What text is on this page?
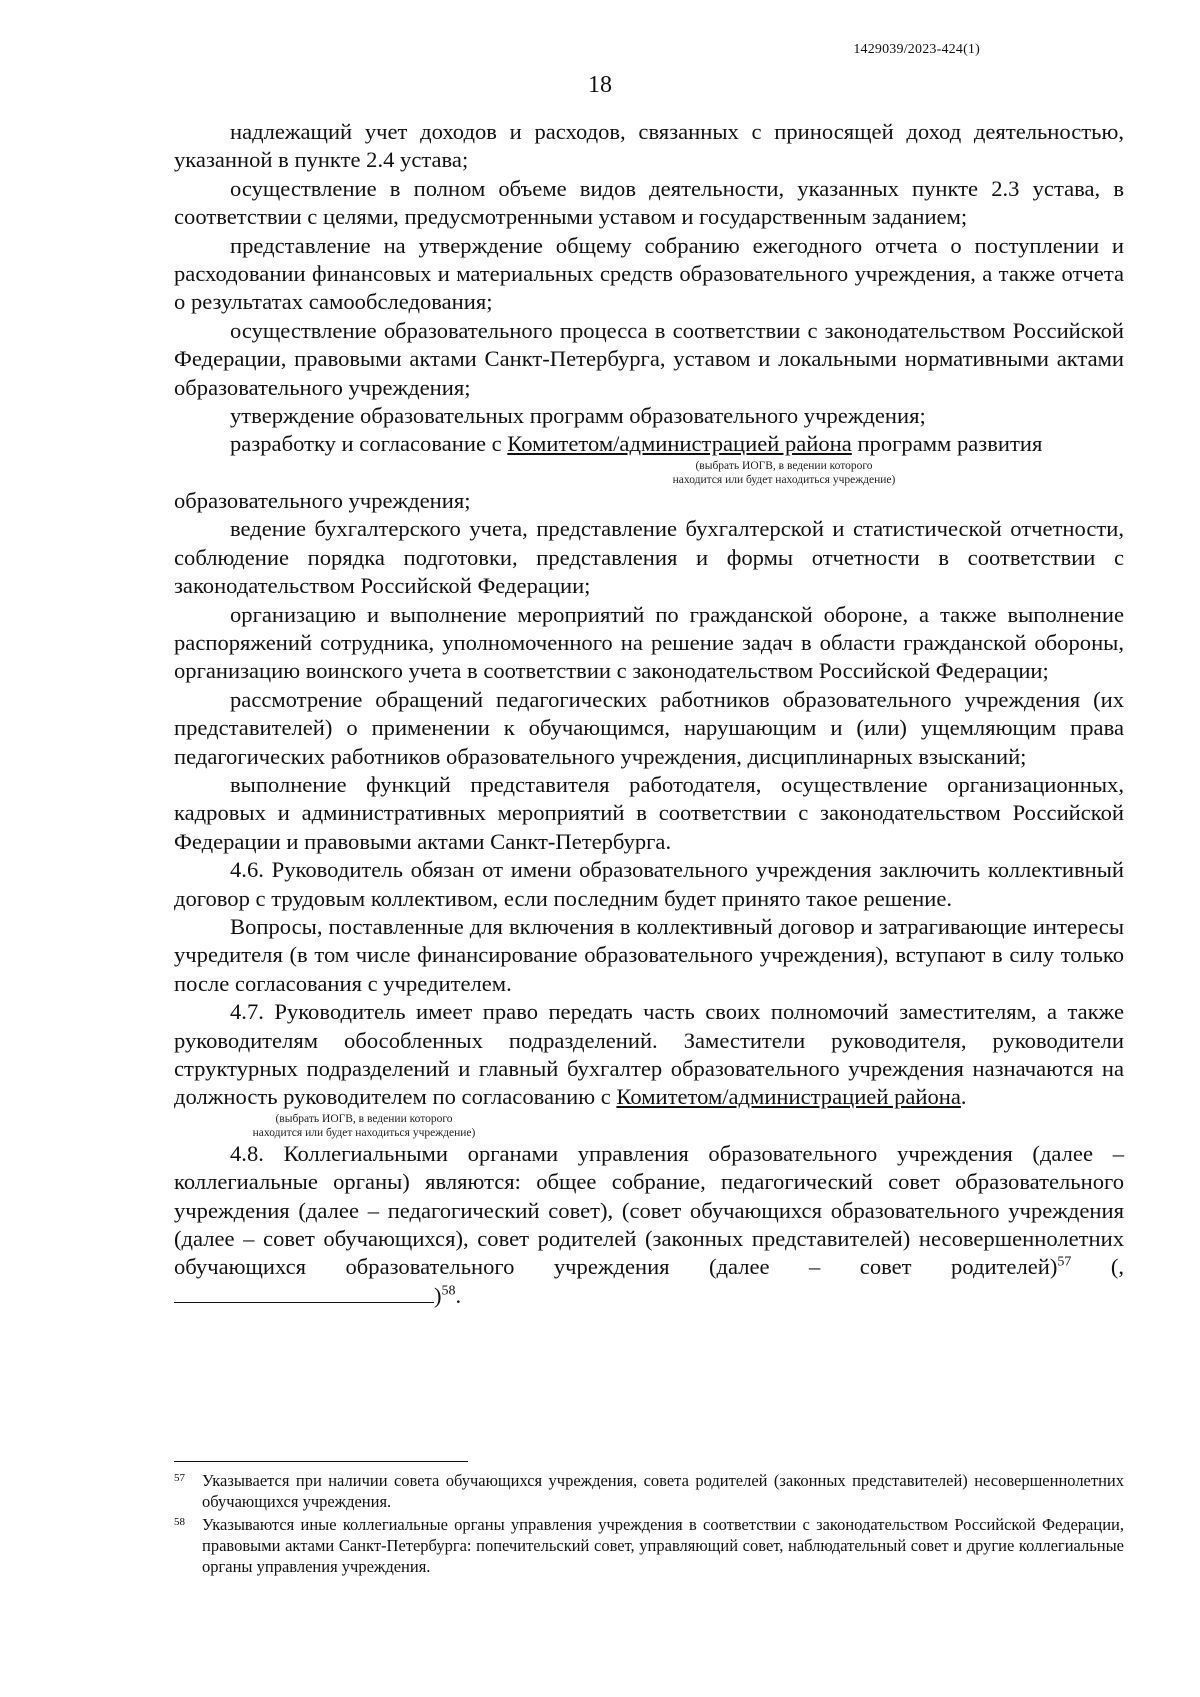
1429039/2023-424(1)
18

надлежащий учет доходов и расходов, связанных с приносящей доход деятельностью, указанной в пункте 2.4 устава;

осуществление в полном объеме видов деятельности, указанных пункте 2.3 устава, в соответствии с целями, предусмотренными уставом и государственным заданием;

представление на утверждение общему собранию ежегодного отчета о поступлении и расходовании финансовых и материальных средств образовательного учреждения, а также отчета о результатах самообследования;

осуществление образовательного процесса в соответствии с законодательством Российской Федерации, правовыми актами Санкт-Петербурга, уставом и локальными нормативными актами образовательного учреждения;

утверждение образовательных программ образовательного учреждения;

разработку и согласование с Комитетом/администрацией района программ развития

(выбрать ИОГВ, в ведении которого
находится или будет находиться учреждение)

образовательного учреждения;

ведение бухгалтерского учета, представление бухгалтерской и статистической отчетности, соблюдение порядка подготовки, представления и формы отчетности в соответствии с законодательством Российской Федерации;

организацию и выполнение мероприятий по гражданской обороне, а также выполнение распоряжений сотрудника, уполномоченного на решение задач в области гражданской обороны, организацию воинского учета в соответствии с законодательством Российской Федерации;

рассмотрение обращений педагогических работников образовательного учреждения (их представителей) о применении к обучающимся, нарушающим и (или) ущемляющим права педагогических работников образовательного учреждения, дисциплинарных взысканий;

выполнение функций представителя работодателя, осуществление организационных, кадровых и административных мероприятий в соответствии с законодательством Российской Федерации и правовыми актами Санкт-Петербурга.

4.6. Руководитель обязан от имени образовательного учреждения заключить коллективный договор с трудовым коллективом, если последним будет принято такое решение.

Вопросы, поставленные для включения в коллективный договор и затрагивающие интересы учредителя (в том числе финансирование образовательного учреждения), вступают в силу только после согласования с учредителем.

4.7. Руководитель имеет право передать часть своих полномочий заместителям, а также руководителям обособленных подразделений. Заместители руководителя, руководители структурных подразделений и главный бухгалтер образовательного учреждения назначаются на должность руководителем по согласованию с Комитетом/администрацией района.

(выбрать ИОГВ, в ведении которого
находится или будет находиться учреждение)

4.8. Коллегиальными органами управления образовательного учреждения (далее – коллегиальные органы) являются: общее собрание, педагогический совет образовательного учреждения (далее – педагогический совет), (совет обучающихся образовательного учреждения (далее – совет обучающихся), совет родителей (законных представителей) несовершеннолетних обучающихся образовательного учреждения (далее – совет родителей)$^{57}$ (,)$^{58}$.

57	Указывается при наличии совета обучающихся учреждения, совета родителей (законных представителей) несовершеннолетних обучающихся учреждения.
58	Указываются иные коллегиальные органы управления учреждения в соответствии с законодательством Российской Федерации, правовыми актами Санкт-Петербурга: попечительский совет, управляющий совет, наблюдательный совет и другие коллегиальные органы управления учреждения.
